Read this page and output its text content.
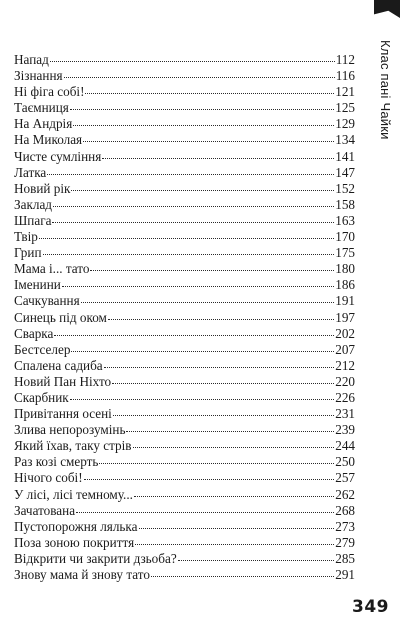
Клас пані Чайки
Напад	112
Зізнання	116
Ні фіга собі!	121
Таємниця	125
На Андрія	129
На Миколая	134
Чисте сумління	141
Латка	147
Новий рік	152
Заклад	158
Шпага	163
Твір	170
Грип	175
Мама і... тато	180
Іменини	186
Сачкування	191
Синець під оком	197
Сварка	202
Бестселер	207
Спалена садиба	212
Новий Пан Ніхто	220
Скарбник	226
Привітання осені	231
Злива непорозумінь	239
Який їхав, таку стрів	244
Раз козі смерть	250
Нічого собі!	257
У лісі, лісі темному...	262
Зачатована	268
Пустопорожня лялька	273
Поза зоною покриття	279
Відкрити чи закрити дзьоба?	285
Знову мама й знову тато	291
349
